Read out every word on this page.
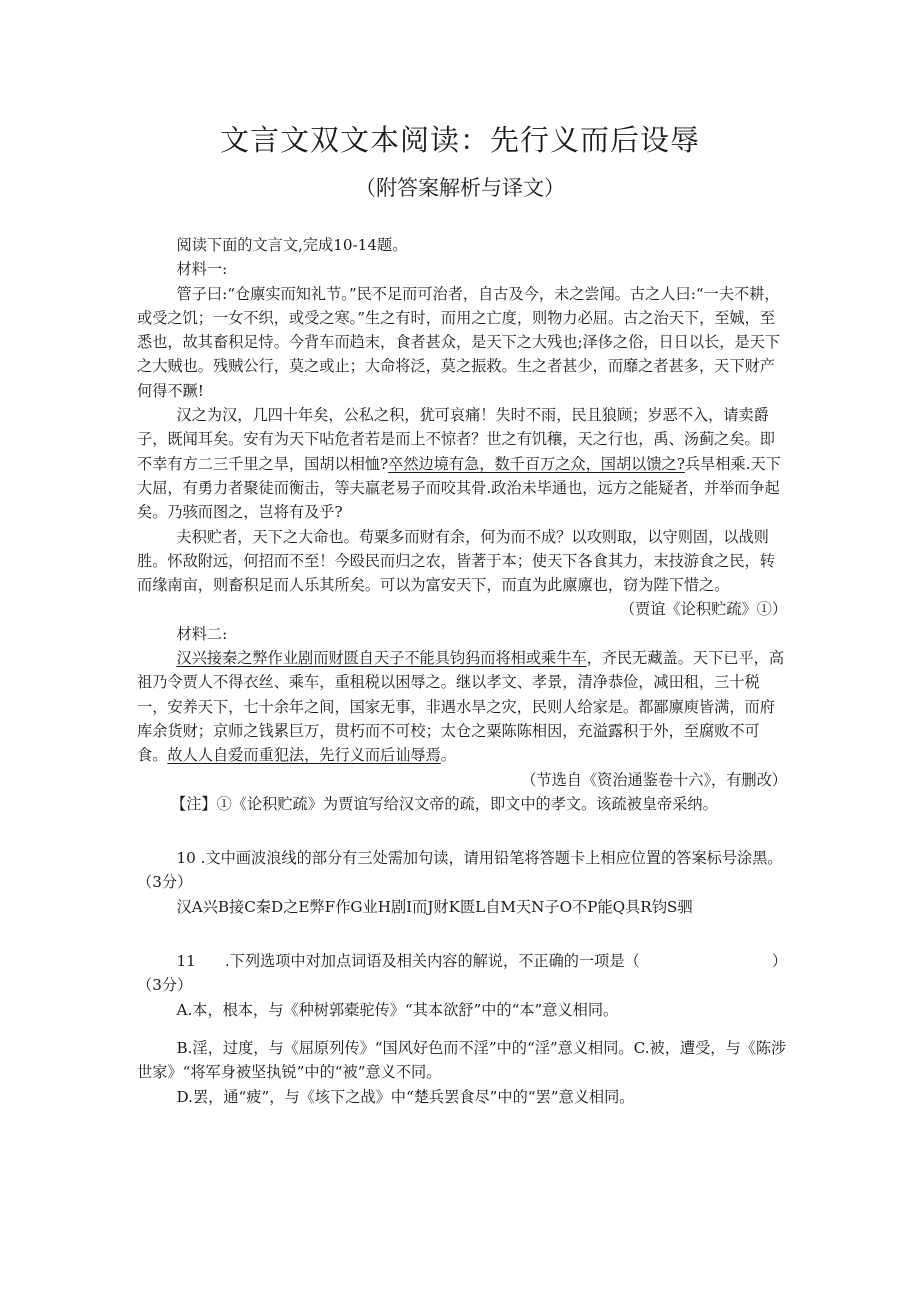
文言文双文本阅读：先行义而后设辱
（附答案解析与译文）

阅读下面的文言文,完成10-14题。

材料一:

管子曰:“仓廪实而知礼节。”民不足而可治者，自古及今，未之尝闻。古之人曰:“一夫不耕，或受之饥；一女不织，或受之寒。”生之有时，而用之亡度，则物力必屈。古之治天下，至娍，至悉也，故其畜积足恃。今背车而趋末，食者甚众，是天下之大残也;泽侈之俗，日日以长，是天下之大贼也。残贼公行，莫之或止；大命将泛，莫之振救。生之者甚少，而靡之者甚多，天下财产何得不蹶!

汉之为汉，几四十年矣，公私之积，犹可哀痛！失时不雨，民且狼顾；岁恶不入，请卖爵子，既闻耳矣。安有为天下呫危者若是而上不惊者？世之有饥穰，天之行也，禹、汤蓟之矣。即不幸有方二三千里之旱，国胡以相恤?卒然边境有急，数千百万之众，国胡以馈之?兵旱相乘.天下大屈，有勇力者聚徒而衡击，等夫羸老易子而咬其骨.政治未毕通也，远方之能疑者，并举而争起矣。乃骇而图之，岂将有及乎?

夫积贮者，天下之大命也。苟粟多而财有余，何为而不成？以攻则取，以守则固，以战则胜。怀敌附远，何招而不至！今殴民而归之农，皆著于本；使天下各食其力，末技游食之民，转而缘南亩，则畜积足而人乐其所矣。可以为富安天下，而直为此廪廪也，窃为陛下惜之。

（贾谊《论积贮疏》①）

材料二:

汉兴接秦之弊作业剧而财匮自天子不能具钧犸而将相或乘牛车，齐民无藏盖。天下已平，高祖乃令贾人不得衣丝、乘车，重租税以困辱之。继以孝文、孝景，清净恭俭，减田租，三十税一，安养天下，七十余年之间，国家无事，非遇水旱之灾，民则人给家是。都鄙廪庾皆满，而府库余货财；京师之钱累巨万，贯朽而不可校；太仓之粟陈陈相因，充溢露积于外，至腐败不可食。故人人自爱而重犯法，先行义而后讪辱焉。

（节选自《资治通鉴卷十六》，有删改）

【注】①《论积贮疏》为贾谊写给汉文帝的疏，即文中的孝文。该疏被皇帝采纳。

10 .文中画波浪线的部分有三处需加句读，请用铅笔将答题卡上相应位置的答案标号涂黑。（3分）

汉A兴B接C秦D之E弊F作G业H剧I而J财K匮L自M天N子O不P能Q具R钧S驷

11 .下列选项中对加点词语及相关内容的解说，不正确的一项是（	）

（3分）

A.本，根本，与《种树郭橐驼传》“其本欲舒”中的“本”意义相同。

B.淫，过度，与《屈原列传》“国风好色而不淫”中的“淫”意义相同。C.被，遭受，与《陈涉世家》“将军身被坚执锐”中的“被”意义不同。

D.罢，通“疲”，与《垓下之战》中“楚兵罢食尽”中的“罢”意义相同。
